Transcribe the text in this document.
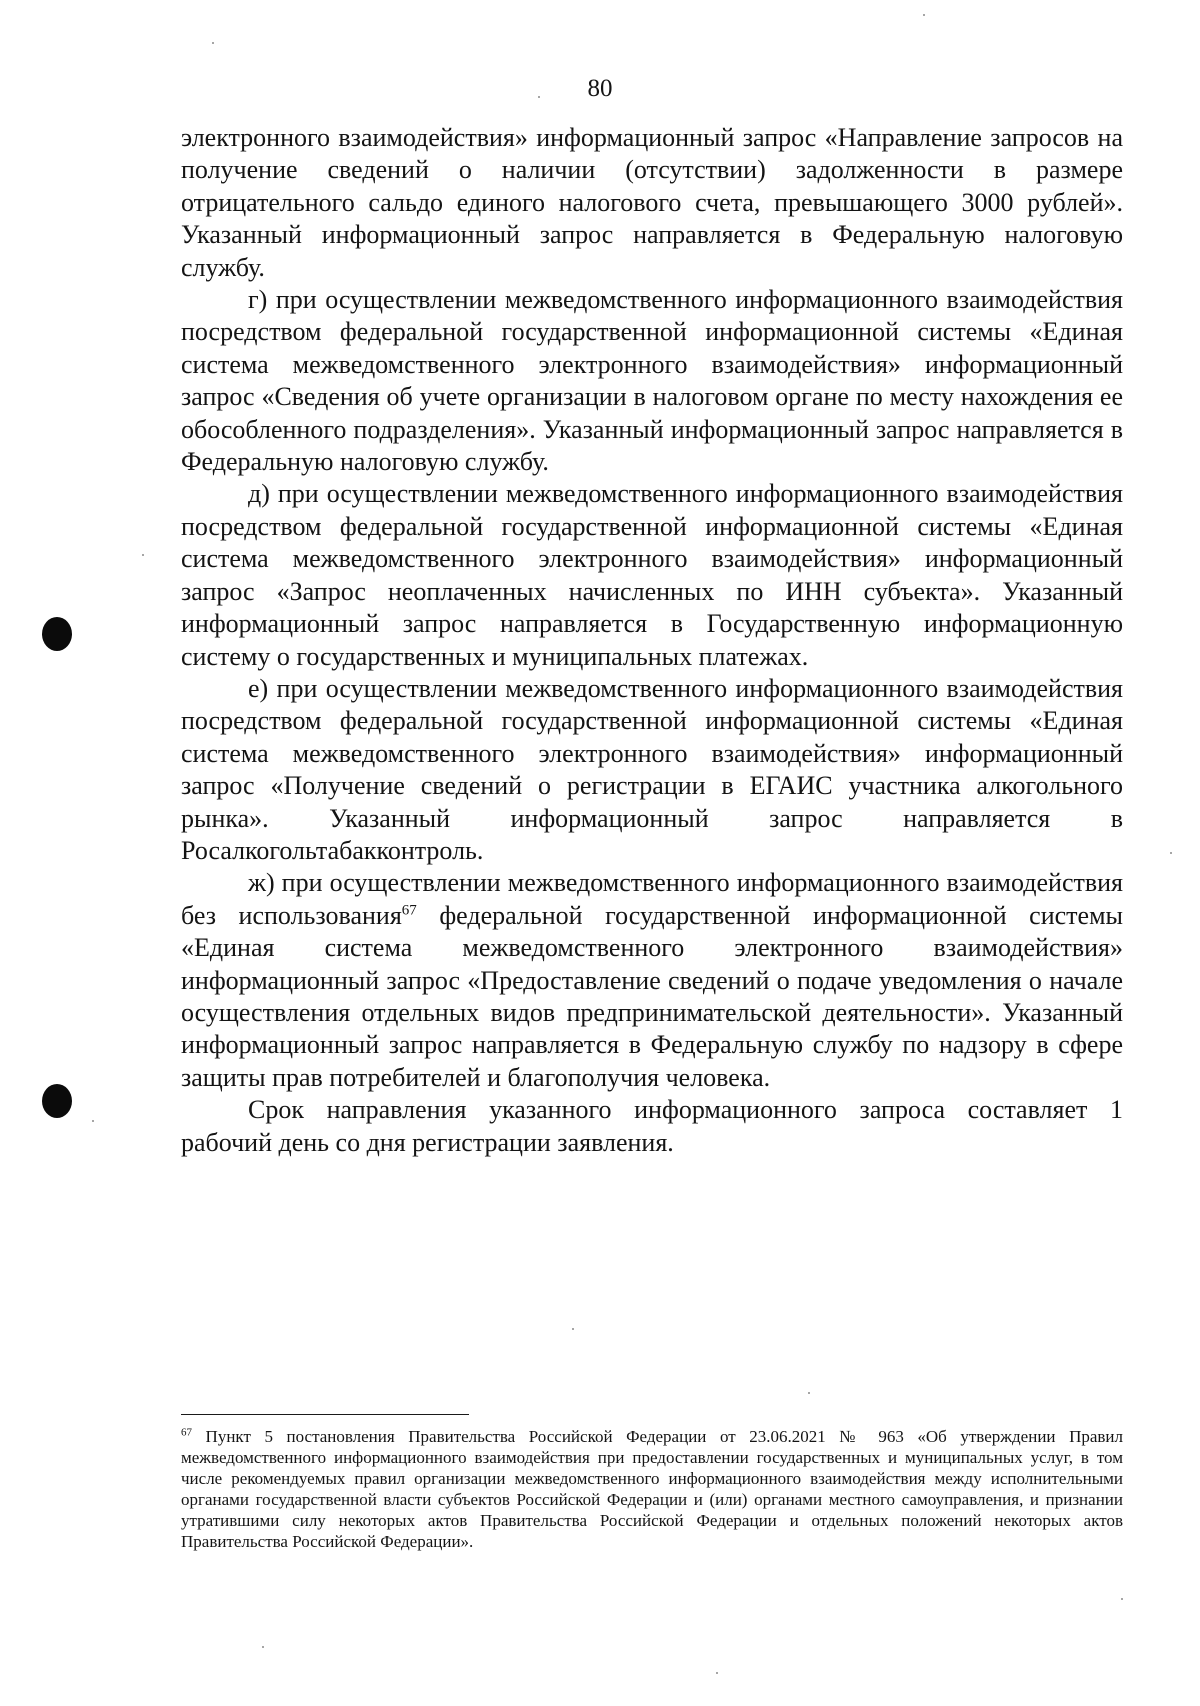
80

электронного взаимодействия» информационный запрос «Направление запросов на получение сведений о наличии (отсутствии) задолженности в размере отрицательного сальдо единого налогового счета, превышающего 3000 рублей». Указанный информационный запрос направляется в Федеральную налоговую службу.

г) при осуществлении межведомственного информационного взаимодействия посредством федеральной государственной информационной системы «Единая система межведомственного электронного взаимодействия» информационный запрос «Сведения об учете организации в налоговом органе по месту нахождения ее обособленного подразделения». Указанный информационный запрос направляется в Федеральную налоговую службу.

д) при осуществлении межведомственного информационного взаимодействия посредством федеральной государственной информационной системы «Единая система межведомственного электронного взаимодействия» информационный запрос «Запрос неоплаченных начисленных по ИНН субъекта». Указанный информационный запрос направляется в Государственную информационную систему о государственных и муниципальных платежах.

е) при осуществлении межведомственного информационного взаимодействия посредством федеральной государственной информационной системы «Единая система межведомственного электронного взаимодействия» информационный запрос «Получение сведений о регистрации в ЕГАИС участника алкогольного рынка». Указанный информационный запрос направляется в Росалкогольтабакконтроль.

ж) при осуществлении межведомственного информационного взаимодействия без использования$^{67}$ федеральной государственной информационной системы «Единая система межведомственного электронного взаимодействия» информационный запрос «Предоставление сведений о подаче уведомления о начале осуществления отдельных видов предпринимательской деятельности». Указанный информационный запрос направляется в Федеральную службу по надзору в сфере защиты прав потребителей и благополучия человека.

Срок направления указанного информационного запроса составляет 1 рабочий день со дня регистрации заявления.

$^{67}$ Пункт 5 постановления Правительства Российской Федерации от 23.06.2021 № 963 «Об утверждении Правил межведомственного информационного взаимодействия при предоставлении государственных и муниципальных услуг, в том числе рекомендуемых правил организации межведомственного информационного взаимодействия между исполнительными органами государственной власти субъектов Российской Федерации и (или) органами местного самоуправления, и признании утратившими силу некоторых актов Правительства Российской Федерации и отдельных положений некоторых актов Правительства Российской Федерации».
